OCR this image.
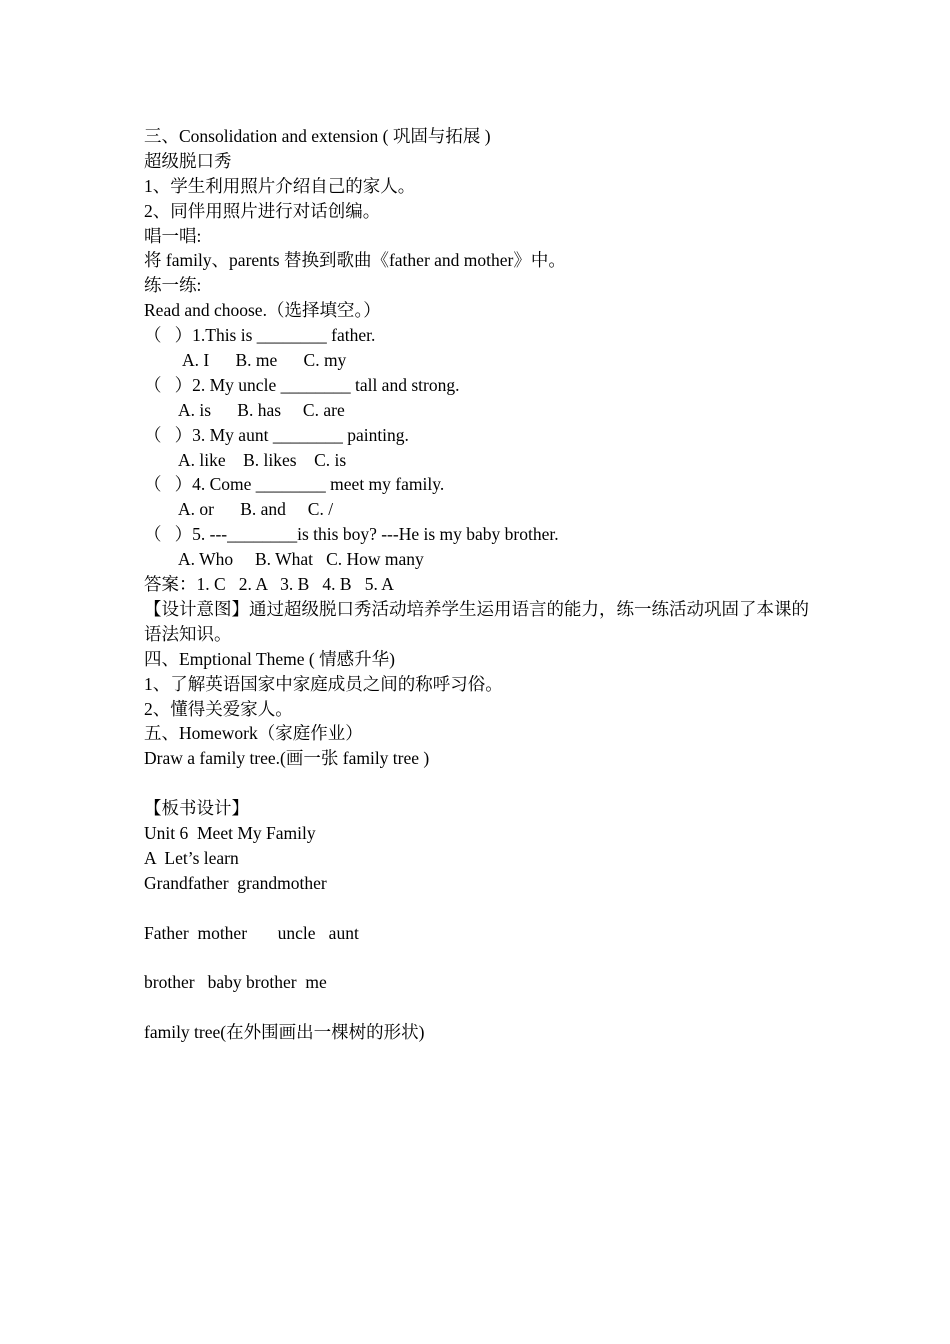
三、Consolidation and extension ( 巩固与拓展 )
超级脱口秀
1、学生利用照片介绍自己的家人。
2、同伴用照片进行对话创编。
唱一唱:
将 family、parents 替换到歌曲《father and mother》中。
练一练:
Read and choose.（选择填空。）
（   ）1.This is ________ father.
A. I      B. me      C. my
（   ）2. My uncle ________ tall and strong.
A. is      B. has     C. are
（   ）3. My aunt ________ painting.
A. like    B. likes    C. is
（   ）4. Come ________ meet my family.
A. or      B. and     C. /
（   ）5. ---________is this boy? ---He is my baby brother.
A. Who     B. What   C. How many
答案：1. C   2. A   3. B   4. B   5. A
【设计意图】通过超级脱口秀活动培养学生运用语言的能力，练一练活动巩固了本课的语法知识。
四、Emptional Theme ( 情感升华)
1、了解英语国家中家庭成员之间的称呼习俗。
2、懂得关爱家人。
五、Homework（家庭作业）
Draw a family tree.(画一张 family tree )
【板书设计】
Unit 6  Meet My Family
A  Let’s learn
Grandfather  grandmother
Father  mother       uncle   aunt
brother   baby brother  me
family tree(在外围画出一棵树的形状)
